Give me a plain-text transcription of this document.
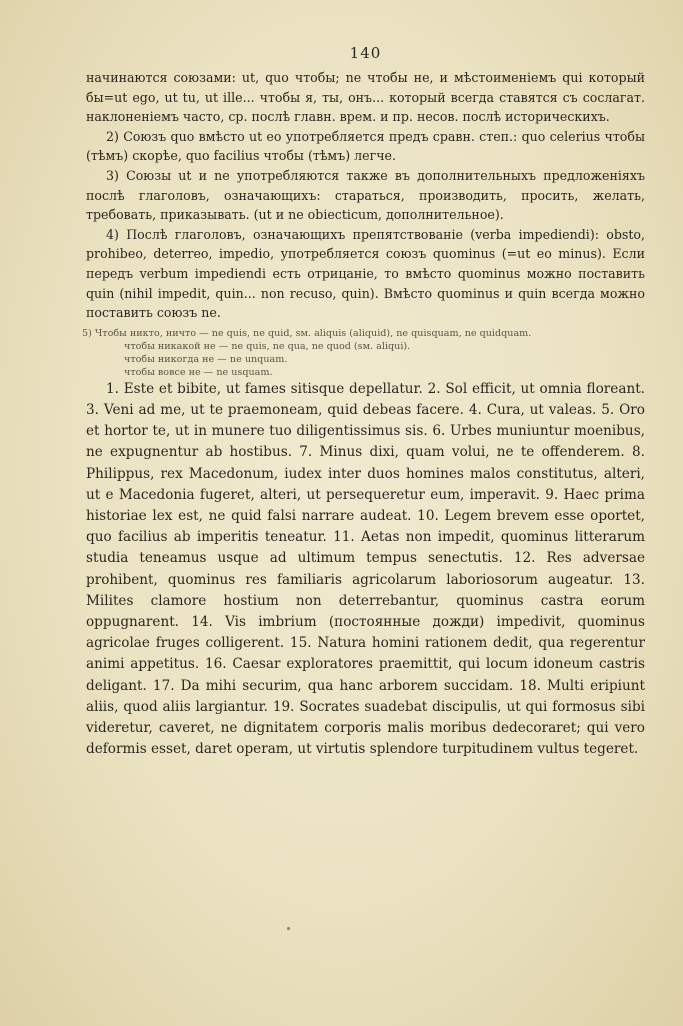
140

начинаются союзами: ut, quo чтобы; ne чтобы не, и мѣстоименіемъ qui который бы=ut ego, ut tu, ut ille... чтобы я, ты, онъ... который всегда ставятся съ сослагат. наклоненіемъ часто, ср. послѣ главн. врем. и пр. несов. послѣ историческихъ.

2) Союзъ quo вмѣсто ut eo употребляется предъ сравн. степ.: quo celerius чтобы (тѣмъ) скорѣе, quo facilius чтобы (тѣмъ) легче.

3) Союзы ut и ne употребляются также въ дополнительныхъ предложеніяхъ послѣ глаголовъ, означающихъ: стараться, производить, просить, желать, требовать, приказывать. (ut и ne obiecticum, дополнительное).

4) Послѣ глаголовъ, означающихъ препятствованіе (verba impediendi): obsto, prohibeo, deterreo, impedio, употребляется союзъ quominus (=ut eo minus). Если передъ verbum impediendi есть отрицаніе, то вмѣсто quominus можно поставить quin (nihil impedit, quin... non recuso, quin). Вмѣсто quominus и quin всегда можно поставить союзъ ne.

5) Чтобы никто, ничто — ne quis, ne quid, ѕм. aliquis (aliquid), ne quisquam, ne quidquam.

чтобы никакой не — ne quis, ne qua, ne quod (ѕм. aliqui).

чтобы никогда не — ne unquam.

чтобы вовсе не — ne usquam.

1. Este et bibite, ut fames sitisque depellatur. 2. Sol efficit, ut omnia floreant. 3. Veni ad me, ut te praemoneam, quid debeas facere. 4. Cura, ut valeas. 5. Oro et hortor te, ut in munere tuo diligentissimus sis. 6. Urbes muniuntur moenibus, ne expugnentur ab hostibus. 7. Minus dixi, quam volui, ne te offenderem. 8. Philippus, rex Macedonum, iudex inter duos homines malos constitutus, alteri, ut e Macedonia fugeret, alteri, ut persequeretur eum, imperavit. 9. Haec prima historiae lex est, ne quid falsi narrare audeat. 10. Legem brevem esse oportet, quo facilius ab imperitis teneatur. 11. Aetas non impedit, quominus litterarum studia teneamus usque ad ultimum tempus senectutis. 12. Res adversae prohibent, quominus res familiaris agricolarum laboriosorum augeatur. 13. Milites clamore hostium non deterrebantur, quominus castra eorum oppugnarent. 14. Vis imbrium (постоянные дожди) impedivit, quominus agricolae fruges colligerent. 15. Natura homini rationem dedit, qua regerentur animi appetitus. 16. Caesar exploratores praemittit, qui locum idoneum castris deligant. 17. Da mihi securim, qua hanc arborem succidam. 18. Multi eripiunt aliis, quod aliis largiantur. 19. Socrates suadebat discipulis, ut qui formosus sibi videretur, caveret, ne dignitatem corporis malis moribus dedecoraret; qui vero deformis esset, daret operam, ut virtutis splendore turpitudinem vultus tegeret.
